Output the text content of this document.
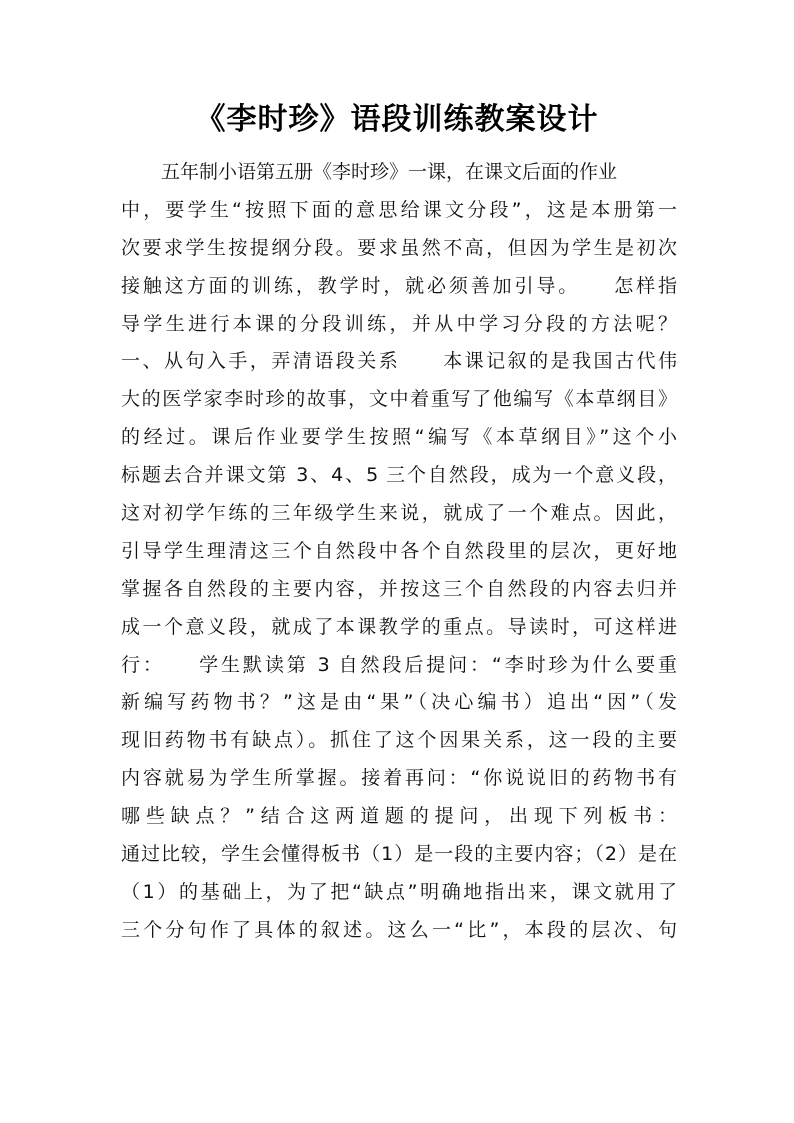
《李时珍》语段训练教案设计
五年制小语第五册《李时珍》一课，在课文后面的作业
中，要学生“按照下面的意思给课文分段”，这是本册第一
次要求学生按提纲分段。要求虽然不高，但因为学生是初次
接触这方面的训练，教学时，就必须善加引导。　　怎样指
导学生进行本课的分段训练，并从中学习分段的方法呢？
一、从句入手，弄清语段关系　　本课记叙的是我国古代伟
大的医学家李时珍的故事，文中着重写了他编写《本草纲目》
的经过。课后作业要学生按照“编写《本草纲目》”这个小
标题去合并课文第 3、4、5 三个自然段，成为一个意义段，
这对初学乍练的三年级学生来说，就成了一个难点。因此，
引导学生理清这三个自然段中各个自然段里的层次，更好地
掌握各自然段的主要内容，并按这三个自然段的内容去归并
成一个意义段，就成了本课教学的重点。导读时，可这样进
行：　　学生默读第 3 自然段后提问：“李时珍为什么要重
新编写药物书？”这是由“果”（决心编书）追出“因”（发
现旧药物书有缺点）。抓住了这个因果关系，这一段的主要
内容就易为学生所掌握。接着再问：“你说说旧的药物书有
哪些缺点？”结合这两道题的提问，出现下列板书：
通过比较，学生会懂得板书（1）是一段的主要内容；（2）是在
（1）的基础上，为了把“缺点”明确地指出来，课文就用了
三个分句作了具体的叙述。这么一“比”，本段的层次、句
